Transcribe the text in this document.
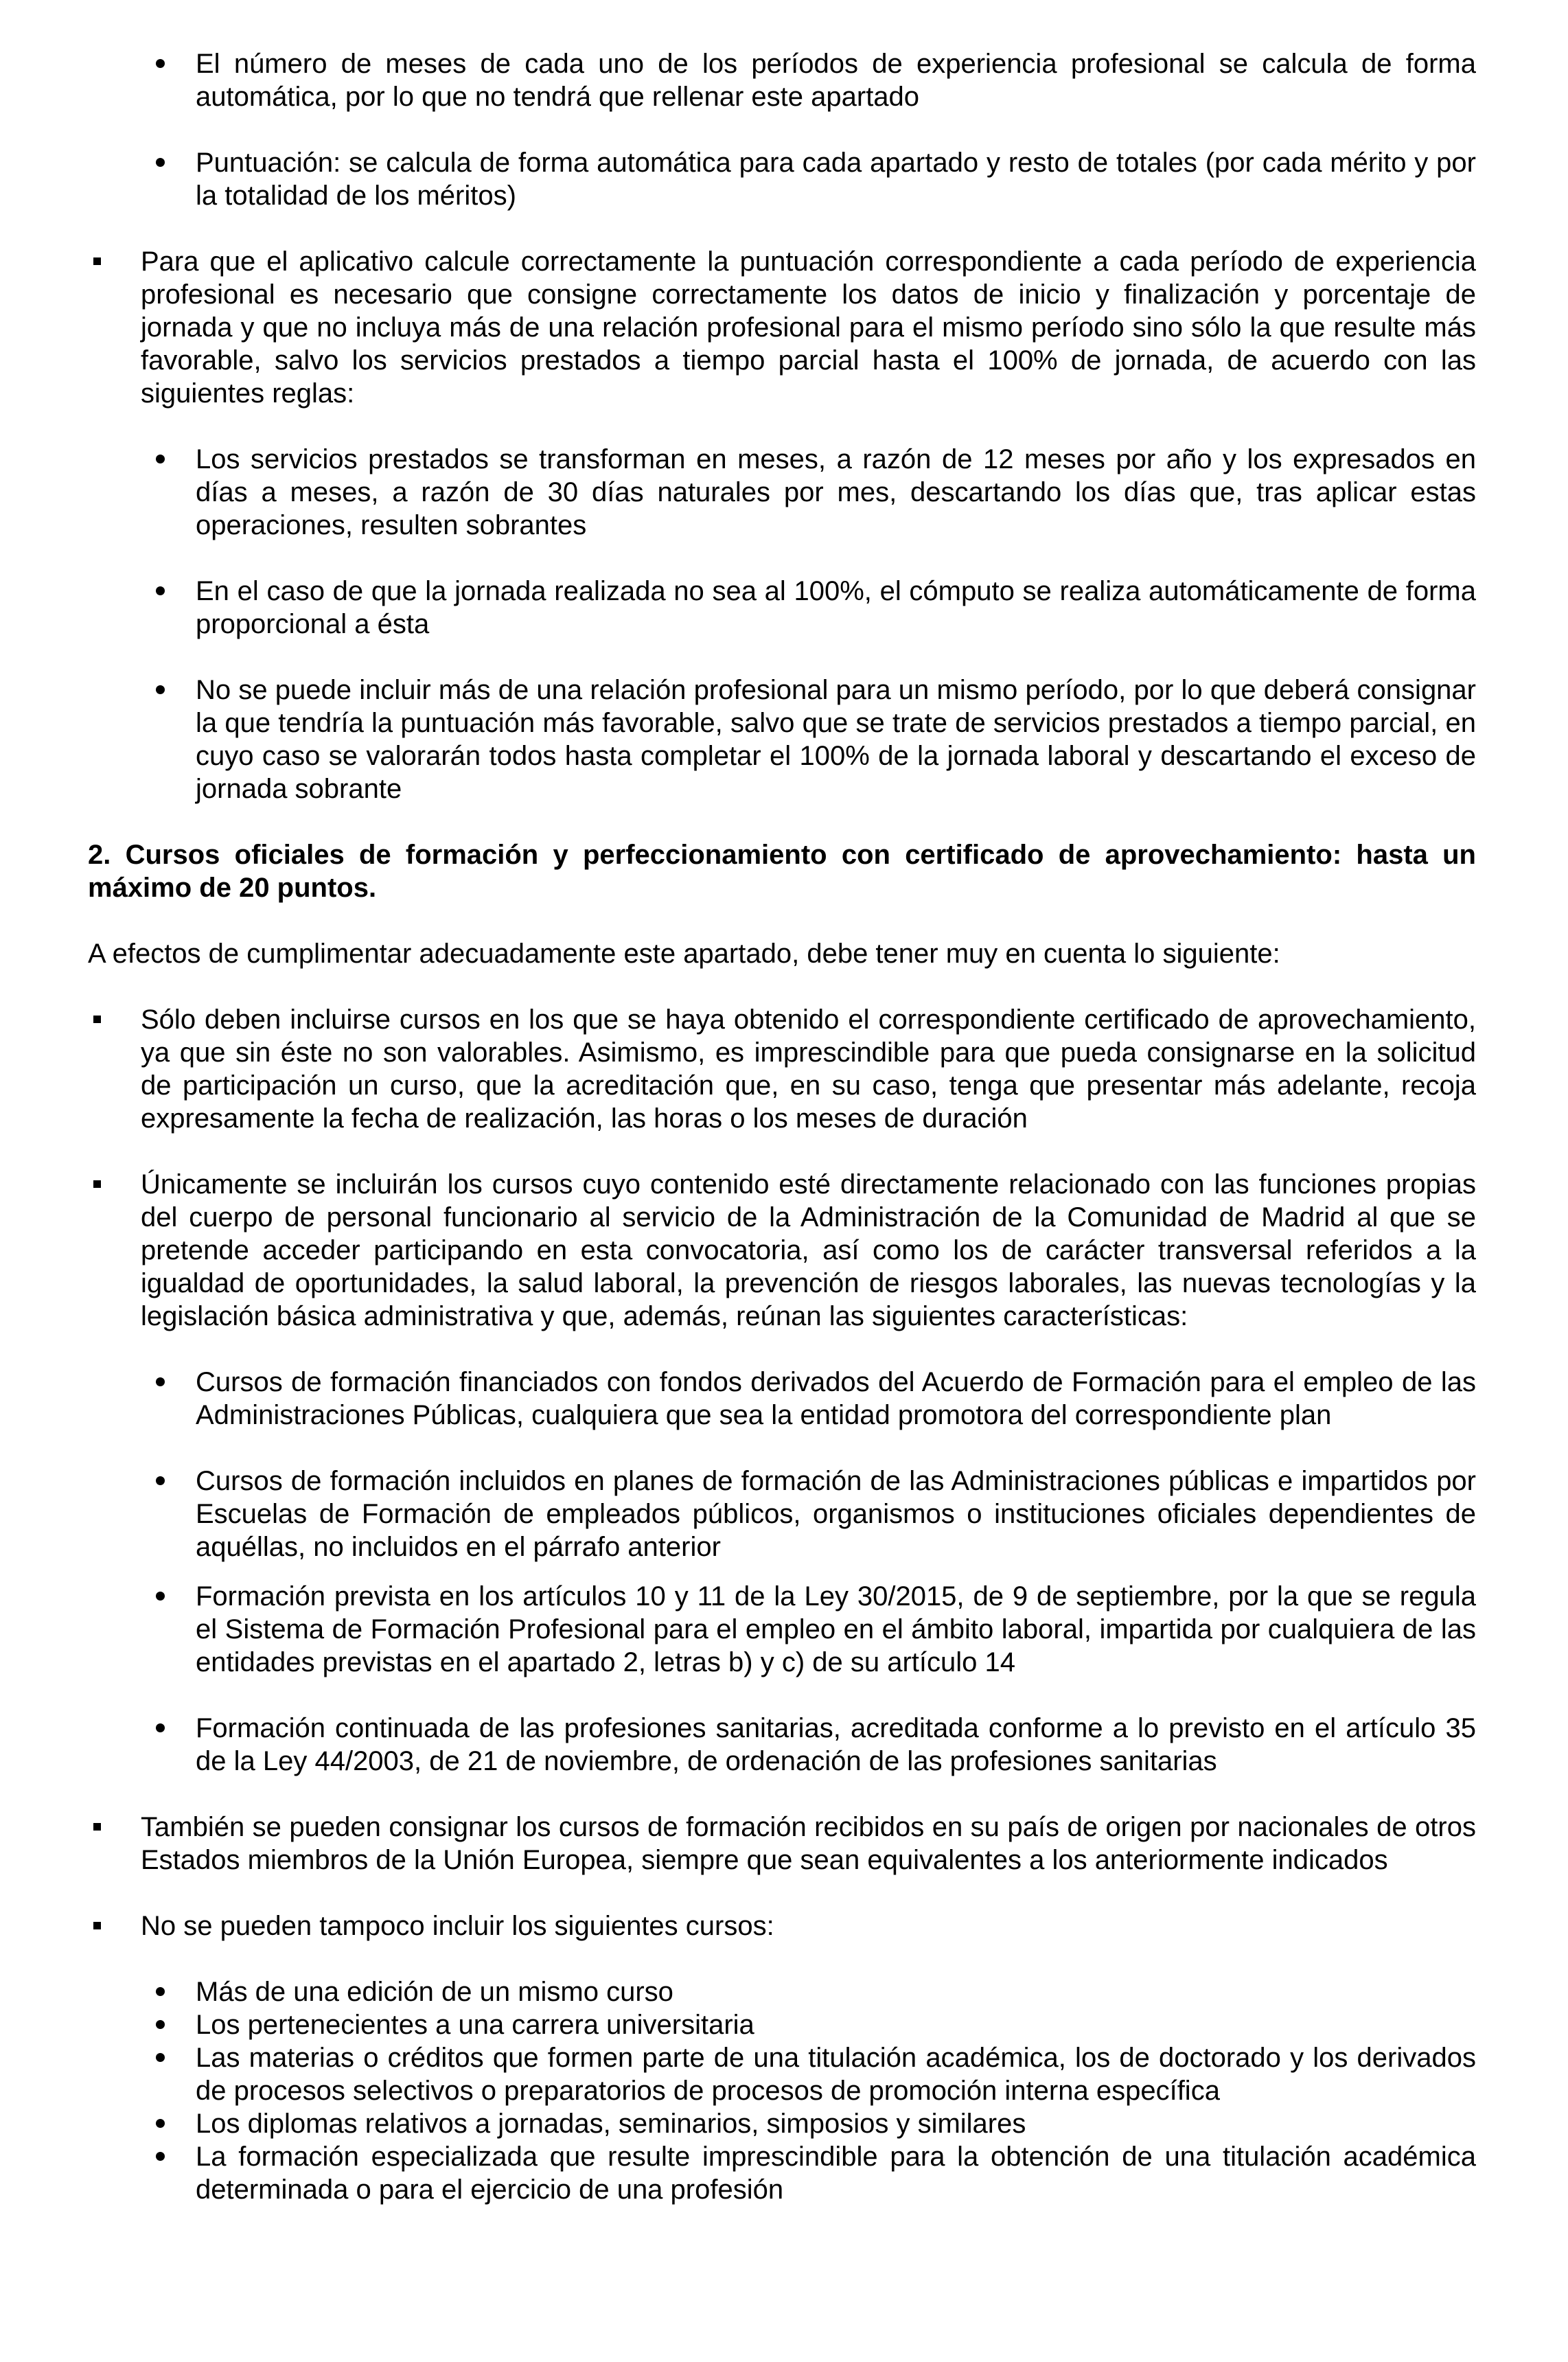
El número de meses de cada uno de los períodos de experiencia profesional se calcula de forma automática, por lo que no tendrá que rellenar este apartado
Puntuación: se calcula de forma automática para cada apartado y resto de totales (por cada mérito y por la totalidad de los méritos)
Para que el aplicativo calcule correctamente la puntuación correspondiente a cada período de experiencia profesional es necesario que consigne correctamente los datos de inicio y finalización y porcentaje de jornada y que no incluya más de una relación profesional para el mismo período sino sólo la que resulte más favorable, salvo los servicios prestados a tiempo parcial hasta el 100% de jornada, de acuerdo con las siguientes reglas:
Los servicios prestados se transforman en meses, a razón de 12 meses por año y los expresados en días a meses, a razón de 30 días naturales por mes, descartando los días que, tras aplicar estas operaciones, resulten sobrantes
En el caso de que la jornada realizada no sea al 100%, el cómputo se realiza automáticamente de forma proporcional a ésta
No se puede incluir más de una relación profesional para un mismo período, por lo que deberá consignar la que tendría la puntuación más favorable, salvo que se trate de servicios prestados a tiempo parcial, en cuyo caso se valorarán todos hasta completar el 100% de la jornada laboral y descartando el exceso de jornada sobrante
2. Cursos oficiales de formación y perfeccionamiento con certificado de aprovechamiento: hasta un máximo de 20 puntos.
A efectos de cumplimentar adecuadamente este apartado, debe tener muy en cuenta lo siguiente:
Sólo deben incluirse cursos en los que se haya obtenido el correspondiente certificado de aprovechamiento, ya que sin éste no son valorables. Asimismo, es imprescindible para que pueda consignarse en la solicitud de participación un curso, que la acreditación que, en su caso, tenga que presentar más adelante, recoja expresamente la fecha de realización, las horas o los meses de duración
Únicamente se incluirán los cursos cuyo contenido esté directamente relacionado con las funciones propias del cuerpo de personal funcionario al servicio de la Administración de la Comunidad de Madrid al que se pretende acceder participando en esta convocatoria, así como los de carácter transversal referidos a la igualdad de oportunidades, la salud laboral, la prevención de riesgos laborales, las nuevas tecnologías y la legislación básica administrativa y que, además, reúnan las siguientes características:
Cursos de formación financiados con fondos derivados del Acuerdo de Formación para el empleo de las Administraciones Públicas, cualquiera que sea la entidad promotora del correspondiente plan
Cursos de formación incluidos en planes de formación de las Administraciones públicas e impartidos por Escuelas de Formación de empleados públicos, organismos o instituciones oficiales dependientes de aquéllas, no incluidos en el párrafo anterior
Formación prevista en los artículos 10 y 11 de la Ley 30/2015, de 9 de septiembre, por la que se regula el Sistema de Formación Profesional para el empleo en el ámbito laboral, impartida por cualquiera de las entidades previstas en el apartado 2, letras b) y c) de su artículo 14
Formación continuada de las profesiones sanitarias, acreditada conforme a lo previsto en el artículo 35 de la Ley 44/2003, de 21 de noviembre, de ordenación de las profesiones sanitarias
También se pueden consignar los cursos de formación recibidos en su país de origen por nacionales de otros Estados miembros de la Unión Europea, siempre que sean equivalentes a los anteriormente indicados
No se pueden tampoco incluir los siguientes cursos:
Más de una edición de un mismo curso
Los pertenecientes a una carrera universitaria
Las materias o créditos que formen parte de una titulación académica, los de doctorado y los derivados de procesos selectivos o preparatorios de procesos de promoción interna específica
Los diplomas relativos a jornadas, seminarios, simposios y similares
La formación especializada que resulte imprescindible para la obtención de una titulación académica determinada o para el ejercicio de una profesión
